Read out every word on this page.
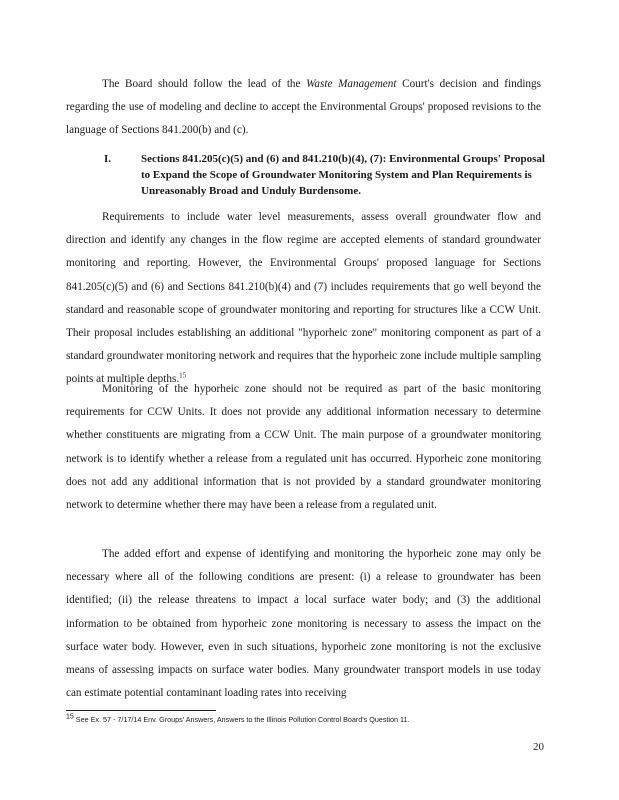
The Board should follow the lead of the Waste Management Court's decision and findings regarding the use of modeling and decline to accept the Environmental Groups' proposed revisions to the language of Sections 841.200(b) and (c).

I.	Sections 841.205(c)(5) and (6) and 841.210(b)(4), (7): Environmental Groups' Proposal to Expand the Scope of Groundwater Monitoring System and Plan Requirements is Unreasonably Broad and Unduly Burdensome.

Requirements to include water level measurements, assess overall groundwater flow and direction and identify any changes in the flow regime are accepted elements of standard groundwater monitoring and reporting. However, the Environmental Groups' proposed language for Sections 841.205(c)(5) and (6) and Sections 841.210(b)(4) and (7) includes requirements that go well beyond the standard and reasonable scope of groundwater monitoring and reporting for structures like a CCW Unit. Their proposal includes establishing an additional "hyporheic zone" monitoring component as part of a standard groundwater monitoring network and requires that the hyporheic zone include multiple sampling points at multiple depths.$^{15}$

Monitoring of the hyporheic zone should not be required as part of the basic monitoring requirements for CCW Units. It does not provide any additional information necessary to determine whether constituents are migrating from a CCW Unit. The main purpose of a groundwater monitoring network is to identify whether a release from a regulated unit has occurred. Hyporheic zone monitoring does not add any additional information that is not provided by a standard groundwater monitoring network to determine whether there may have been a release from a regulated unit.

The added effort and expense of identifying and monitoring the hyporheic zone may only be necessary where all of the following conditions are present: (i) a release to groundwater has been identified; (ii) the release threatens to impact a local surface water body; and (3) the additional information to be obtained from hyporheic zone monitoring is necessary to assess the impact on the surface water body. However, even in such situations, hyporheic zone monitoring is not the exclusive means of assessing impacts on surface water bodies. Many groundwater transport models in use today can estimate potential contaminant loading rates into receiving

$^{15}$ See Ex. 57 - 7/17/14 Env. Groups' Answers, Answers to the Illinois Pollution Control Board's Question 11.

20
